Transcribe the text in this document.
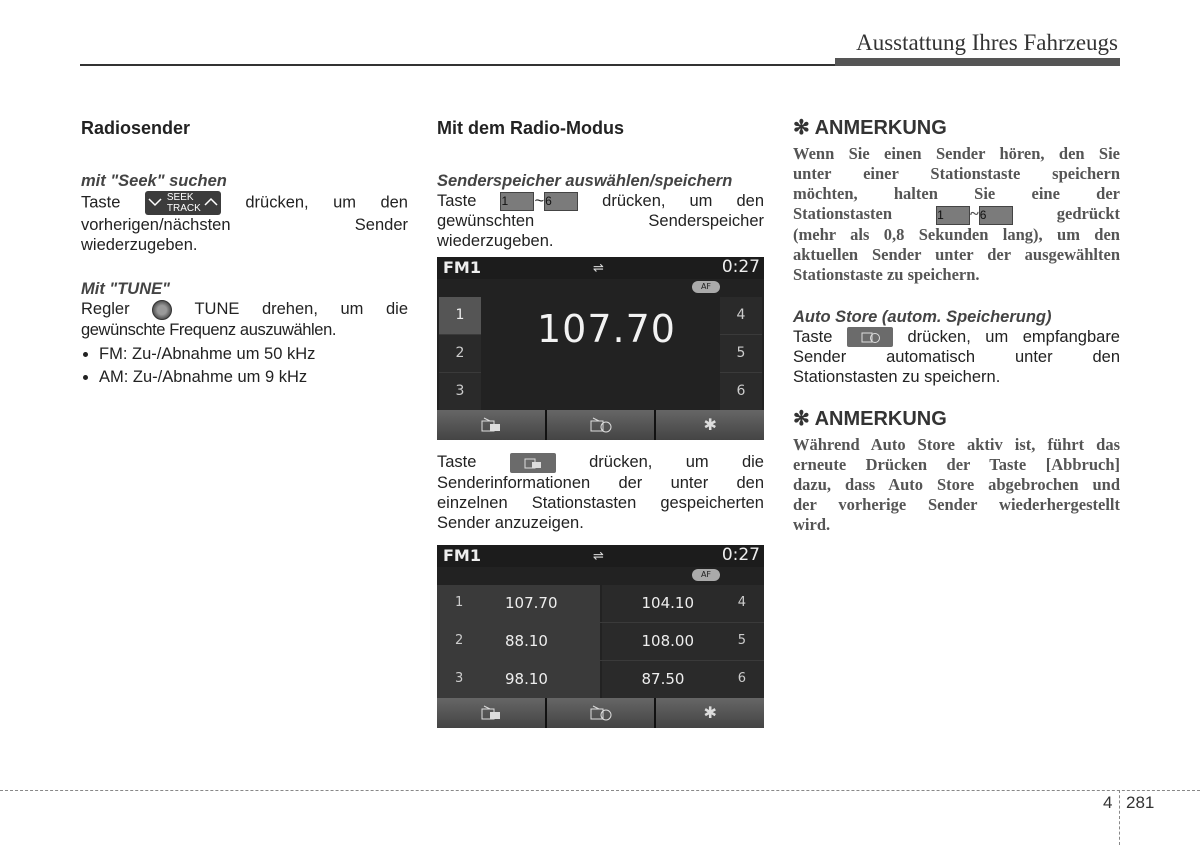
Ausstattung Ihres Fahrzeugs
Radiosender
mit "Seek" suchen

Taste	SEEK
TRACK	drücken, um den

vorherigen/nächsten Sender

wiederzugeben.

Mit "TUNE"

Regler	TUNE drehen, um die

gewünschte Frequenz auszuwählen.

• FM: Zu-/Abnahme um 50 kHz
• AM: Zu-/Abnahme um 9 kHz
Mit dem Radio-Modus
Senderspeicher auswählen/speichern

Taste 1 ~6	drücken, um den

gewünschten Senderspeicher

wiederzugeben.

FM1	⇌	0:27
AF
1
2
3
4
5
6
107.70
✱

Taste	drücken, um die

Senderinformationen der unter den

einzelnen Stationstasten gespeicherten

Sender anzuzeigen.

FM1	⇌	0:27
AF
1	107.70	104.10	4
2	88.10	108.00	5
3	98.10	87.50	6
✱
✻ ANMERKUNG
Wenn Sie einen Sender hören, den Sie
unter einer Stationstaste speichern
möchten, halten Sie eine der
Stationstasten	1 ~6	gedrückt
(mehr als 0,8 Sekunden lang), um den
aktuellen Sender unter der ausgewählten
Stationstaste zu speichern.
Auto Store (autom. Speicherung)

Taste	drücken, um empfangbare

Sender automatisch unter den

Stationstasten zu speichern.

✻ ANMERKUNG
Während Auto Store aktiv ist, führt das
erneute Drücken der Taste [Abbruch]
dazu, dass Auto Store abgebrochen und
der vorherige Sender wiederhergestellt
wird.
4 281
